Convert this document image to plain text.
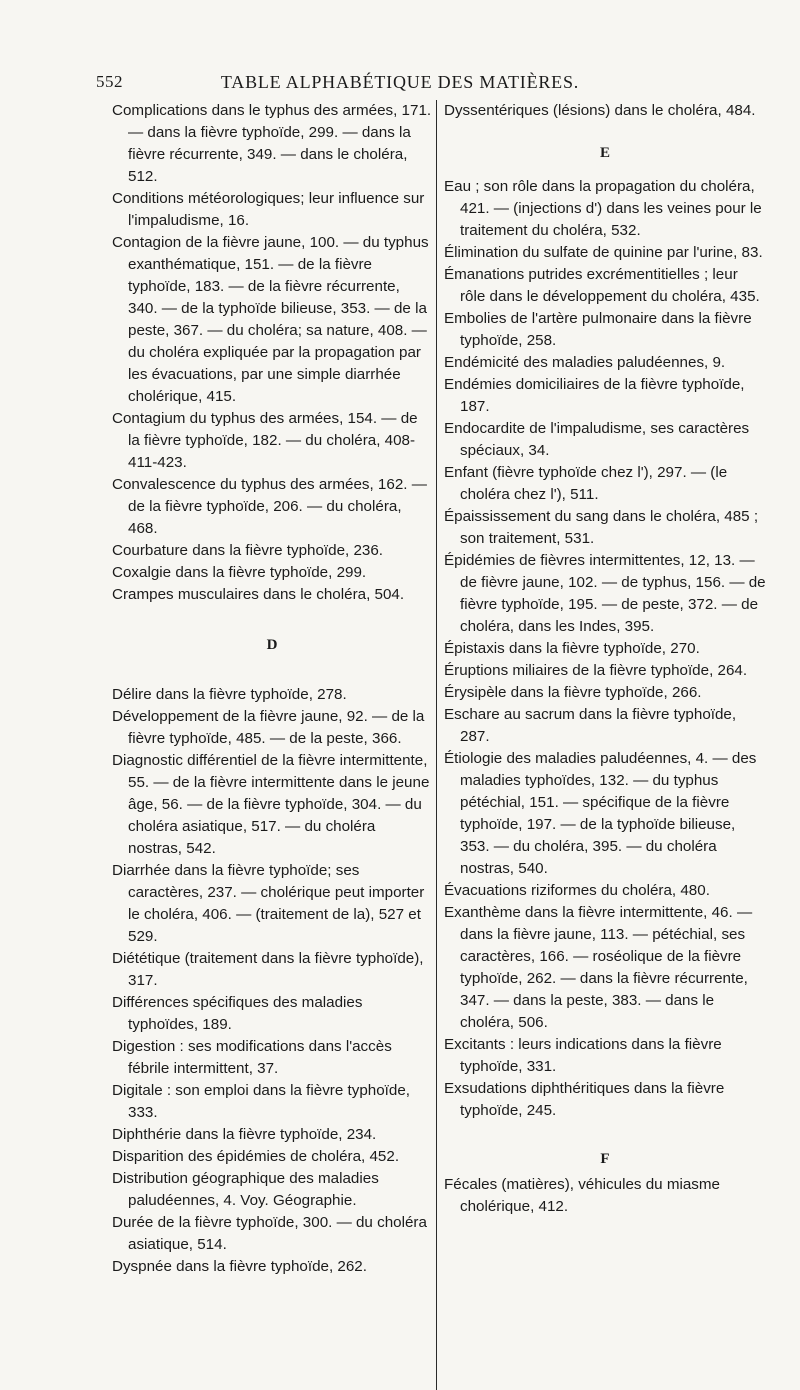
552	TABLE ALPHABÉTIQUE DES MATIÈRES.

Complications dans le typhus des armées, 171. — dans la fièvre typhoïde, 299. — dans la fièvre récurrente, 349. — dans le choléra, 512.

Conditions météorologiques; leur influence sur l'impaludisme, 16.

Contagion de la fièvre jaune, 100. — du typhus exanthématique, 151. — de la fièvre typhoïde, 183. — de la fièvre récurrente, 340. — de la typhoïde bilieuse, 353. — de la peste, 367. — du choléra; sa nature, 408. — du choléra expliquée par la propagation par les évacuations, par une simple diarrhée cholérique, 415.

Contagium du typhus des armées, 154. — de la fièvre typhoïde, 182. — du choléra, 408-411-423.

Convalescence du typhus des armées, 162. — de la fièvre typhoïde, 206. — du choléra, 468.

Courbature dans la fièvre typhoïde, 236.

Coxalgie dans la fièvre typhoïde, 299.

Crampes musculaires dans le choléra, 504.

D

Délire dans la fièvre typhoïde, 278.

Développement de la fièvre jaune, 92. — de la fièvre typhoïde, 485. — de la peste, 366.

Diagnostic différentiel de la fièvre intermittente, 55. — de la fièvre intermittente dans le jeune âge, 56. — de la fièvre typhoïde, 304. — du choléra asiatique, 517. — du choléra nostras, 542.

Diarrhée dans la fièvre typhoïde; ses caractères, 237. — cholérique peut importer le choléra, 406. — (traitement de la), 527 et 529.

Diététique (traitement dans la fièvre typhoïde), 317.

Différences spécifiques des maladies typhoïdes, 189.

Digestion : ses modifications dans l'accès fébrile intermittent, 37.

Digitale : son emploi dans la fièvre typhoïde, 333.

Diphthérie dans la fièvre typhoïde, 234.

Disparition des épidémies de choléra, 452.

Distribution géographique des maladies paludéennes, 4. Voy. Géographie.

Durée de la fièvre typhoïde, 300. — du choléra asiatique, 514.

Dyspnée dans la fièvre typhoïde, 262.

Dyssentériques (lésions) dans le choléra, 484.

E

Eau ; son rôle dans la propagation du choléra, 421. — (injections d') dans les veines pour le traitement du choléra, 532.

Élimination du sulfate de quinine par l'urine, 83.

Émanations putrides excrémentitielles ; leur rôle dans le développement du choléra, 435.

Embolies de l'artère pulmonaire dans la fièvre typhoïde, 258.

Endémicité des maladies paludéennes, 9.

Endémies domiciliaires de la fièvre typhoïde, 187.

Endocardite de l'impaludisme, ses caractères spéciaux, 34.

Enfant (fièvre typhoïde chez l'), 297. — (le choléra chez l'), 511.

Épaississement du sang dans le choléra, 485 ; son traitement, 531.

Épidémies de fièvres intermittentes, 12, 13. — de fièvre jaune, 102. — de typhus, 156. — de fièvre typhoïde, 195. — de peste, 372. — de choléra, dans les Indes, 395.

Épistaxis dans la fièvre typhoïde, 270.

Éruptions miliaires de la fièvre typhoïde, 264.

Érysipèle dans la fièvre typhoïde, 266.

Eschare au sacrum dans la fièvre typhoïde, 287.

Étiologie des maladies paludéennes, 4. — des maladies typhoïdes, 132. — du typhus pétéchial, 151. — spécifique de la fièvre typhoïde, 197. — de la typhoïde bilieuse, 353. — du choléra, 395. — du choléra nostras, 540.

Évacuations riziformes du choléra, 480.

Exanthème dans la fièvre intermittente, 46. — dans la fièvre jaune, 113. — pétéchial, ses caractères, 166. — roséolique de la fièvre typhoïde, 262. — dans la fièvre récurrente, 347. — dans la peste, 383. — dans le choléra, 506.

Excitants : leurs indications dans la fièvre typhoïde, 331.

Exsudations diphthéritiques dans la fièvre typhoïde, 245.

F

Fécales (matières), véhicules du miasme cholérique, 412.
